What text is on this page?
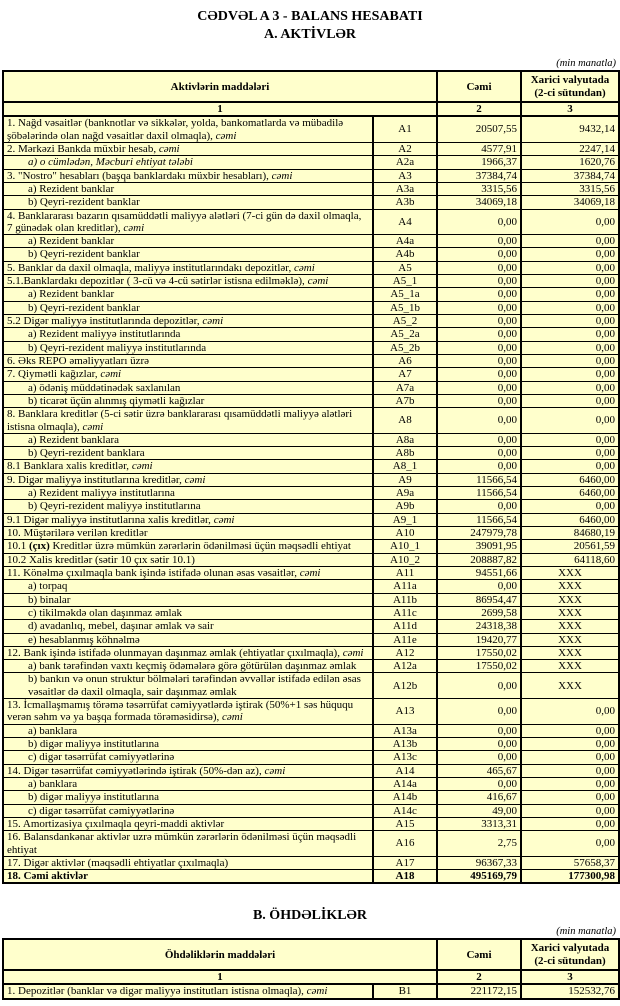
CƏDVƏL A 3 - BALANS HESABATI
A. AKTİVLƏR
(min manatla)
Aktivlərin maddələri		Cəmi	Xarici valyutada (2-ci sütundan)
1		2	3
1. Nağd vəsaitlər (banknotlar və sikkələr, yolda, bankomatlarda və mübadilə şöbələrində olan nağd vəsaitlər daxil olmaqla), cəmi	A1	20507,55	9432,14
2. Mərkəzi Bankda müxbir hesab, cəmi	A2	4577,91	2247,14
a) o cümlədən, Məcburi ehtiyat tələbi	A2a	1966,37	1620,76
3. "Nostro" hesabları (başqa banklardakı müxbir hesabları), cəmi	A3	37384,74	37384,74
a) Rezident banklar	A3a	3315,56	3315,56
b) Qeyri-rezident banklar	A3b	34069,18	34069,18
4. Banklararası bazarın qısamüddətli maliyyə alətləri (7-ci gün də daxil olmaqla, 7 günədək olan kreditlər), cəmi	A4	0,00	0,00
a) Rezident banklar	A4a	0,00	0,00
b) Qeyri-rezident banklar	A4b	0,00	0,00
5. Banklar da daxil olmaqla, maliyyə institutlarındakı depozitlər, cəmi	A5	0,00	0,00
5.1.Banklardakı depozitlər ( 3-cü və 4-cü sətirlər istisna edilməklə), cəmi	A5_1	0,00	0,00
a) Rezident banklar	A5_1a	0,00	0,00
b) Qeyri-rezident banklar	A5_1b	0,00	0,00
5.2 Digər maliyyə institutlarında depozitlər, cəmi	A5_2	0,00	0,00
a) Rezident maliyyə institutlarında	A5_2a	0,00	0,00
b) Qeyri-rezident maliyyə institutlarında	A5_2b	0,00	0,00
6. Əks REPO əməliyyatları üzrə	A6	0,00	0,00
7. Qiymətli kağızlar, cəmi	A7	0,00	0,00
a) ödəniş müddətinədək saxlanılan	A7a	0,00	0,00
b) ticarət üçün alınmış qiymətli kağızlar	A7b	0,00	0,00
8. Banklara kreditlər (5-ci sətir üzrə banklararası qısamüddətli maliyyə alətləri istisna olmaqla), cəmi	A8	0,00	0,00
a) Rezident banklara	A8a	0,00	0,00
b) Qeyri-rezident banklara	A8b	0,00	0,00
8.1 Banklara xalis kreditlər, cəmi	A8_1	0,00	0,00
9. Digər maliyyə institutlarına kreditlər, cəmi	A9	11566,54	6460,00
a) Rezident maliyyə institutlarına	A9a	11566,54	6460,00
b) Qeyri-rezident maliyyə institutlarına	A9b	0,00	0,00
9.1 Digər maliyyə institutlarına xalis kreditlər, cəmi	A9_1	11566,54	6460,00
10. Müştərilərə verilən kreditlər	A10	247979,78	84680,19
10.1 (çıx) Kreditlər üzrə mümkün zərərlərin ödənilməsi üçün məqsədli ehtiyat	A10_1	39091,95	20561,59
10.2 Xalis kreditlər (sətir 10 çıx sətir 10.1)	A10_2	208887,82	64118,60
11. Könəlmə çıxılmaqla bank işində istifadə olunan əsas vəsaitlər, cəmi	A11	94551,66	XXX
a) torpaq	A11a	0,00	XXX
b) binalar	A11b	86954,47	XXX
c) tikilməkdə olan daşınmaz əmlak	A11c	2699,58	XXX
d) avadanlıq, mebel, daşınar əmlak və sair	A11d	24318,38	XXX
e) hesablanmış köhnəlmə	A11e	19420,77	XXX
12. Bank işində istifadə olunmayan daşınmaz əmlak (ehtiyatlar çıxılmaqla), cəmi	A12	17550,02	XXX
a) bank tərəfindən vaxtı keçmiş ödəmələrə görə götürülən daşınmaz əmlak	A12a	17550,02	XXX
b) bankın və onun struktur bölmələri tərəfindən əvvəllər istifadə edilən əsas vəsaitlər də daxil olmaqla, sair daşınmaz əmlak	A12b	0,00	XXX
13. İcmallaşmamış törəmə təsərrüfat cəmiyyətlərdə iştirak (50%+1 səs hüququ verən səhm və ya başqa formada törəməsidirsə), cəmi	A13	0,00	0,00
a) banklara	A13a	0,00	0,00
b) digər maliyyə institutlarına	A13b	0,00	0,00
c) digər təsərrüfat cəmiyyətlərinə	A13c	0,00	0,00
14. Digər təsərrüfat cəmiyyətlərində iştirak (50%-dən az), cəmi	A14	465,67	0,00
a) banklara	A14a	0,00	0,00
b) digər maliyyə institutlarına	A14b	416,67	0,00
c) digər təsərrüfat cəmiyyətlərinə	A14c	49,00	0,00
15. Amortizasiya çıxılmaqla qeyri-maddi aktivlər	A15	3313,31	0,00
16. Balansdankənar aktivlər uzrə mümkün zərərlərin ödənilməsi üçün məqsədli ehtiyat	A16	2,75	0,00
17. Digər aktivlər (məqsədli ehtiyatlar çıxılmaqla)	A17	96367,33	57658,37
18. Cəmi aktivlər	A18	495169,79	177300,98
B. ÖHDƏLİKLƏR
(min manatla)
Öhdəliklərin maddələri		Cəmi	Xarici valyutada (2-ci sütundan)
1		2	3
1. Depozitlər (banklar və digər maliyyə institutları istisna olmaqla), cəmi	B1	221172,15	152532,76
